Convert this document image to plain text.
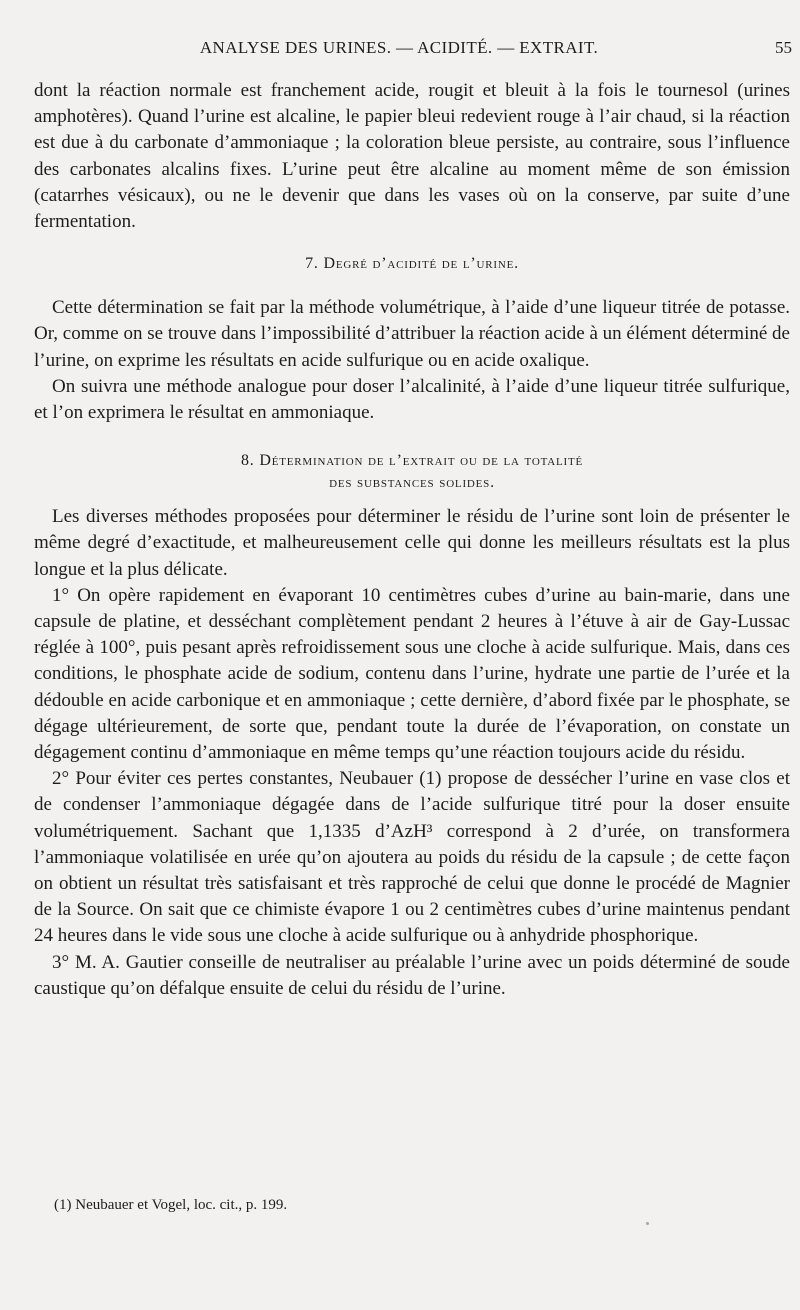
ANALYSE DES URINES. — ACIDITÉ. — EXTRAIT.	55

dont la réaction normale est franchement acide, rougit et bleuit à la fois le tournesol (urines amphotères). Quand l’urine est alcaline, le papier bleui redevient rouge à l’air chaud, si la réaction est due à du carbonate d’ammoniaque ; la coloration bleue persiste, au contraire, sous l’influence des carbonates alcalins fixes. L’urine peut être alcaline au moment même de son émission (catarrhes vésicaux), ou ne le devenir que dans les vases où on la conserve, par suite d’une fermentation.

7. Degré d’acidité de l’urine.

Cette détermination se fait par la méthode volumétrique, à l’aide d’une liqueur titrée de potasse. Or, comme on se trouve dans l’impossibilité d’attribuer la réaction acide à un élément déterminé de l’urine, on exprime les résultats en acide sulfurique ou en acide oxalique.

On suivra une méthode analogue pour doser l’alcalinité, à l’aide d’une liqueur titrée sulfurique, et l’on exprimera le résultat en ammoniaque.

8. Détermination de l’extrait ou de la totalité
des substances solides.

Les diverses méthodes proposées pour déterminer le résidu de l’urine sont loin de présenter le même degré d’exactitude, et malheureusement celle qui donne les meilleurs résultats est la plus longue et la plus délicate.

1° On opère rapidement en évaporant 10 centimètres cubes d’urine au bain-marie, dans une capsule de platine, et desséchant complètement pendant 2 heures à l’étuve à air de Gay-Lussac réglée à 100°, puis pesant après refroidissement sous une cloche à acide sulfurique. Mais, dans ces conditions, le phosphate acide de sodium, contenu dans l’urine, hydrate une partie de l’urée et la dédouble en acide carbonique et en ammoniaque ; cette dernière, d’abord fixée par le phosphate, se dégage ultérieurement, de sorte que, pendant toute la durée de l’évaporation, on constate un dégagement continu d’ammoniaque en même temps qu’une réaction toujours acide du résidu.

2° Pour éviter ces pertes constantes, Neubauer (1) propose de dessécher l’urine en vase clos et de condenser l’ammoniaque dégagée dans de l’acide sulfurique titré pour la doser ensuite volumétriquement. Sachant que 1,1335 d’AzH³ correspond à 2 d’urée, on transformera l’ammoniaque volatilisée en urée qu’on ajoutera au poids du résidu de la capsule ; de cette façon on obtient un résultat très satisfaisant et très rapproché de celui que donne le procédé de Magnier de la Source. On sait que ce chimiste évapore 1 ou 2 centimètres cubes d’urine maintenus pendant 24 heures dans le vide sous une cloche à acide sulfurique ou à anhydride phosphorique.

3° M. A. Gautier conseille de neutraliser au préalable l’urine avec un poids déterminé de soude caustique qu’on défalque ensuite de celui du résidu de l’urine.

(1) Neubauer et Vogel, loc. cit., p. 199.
